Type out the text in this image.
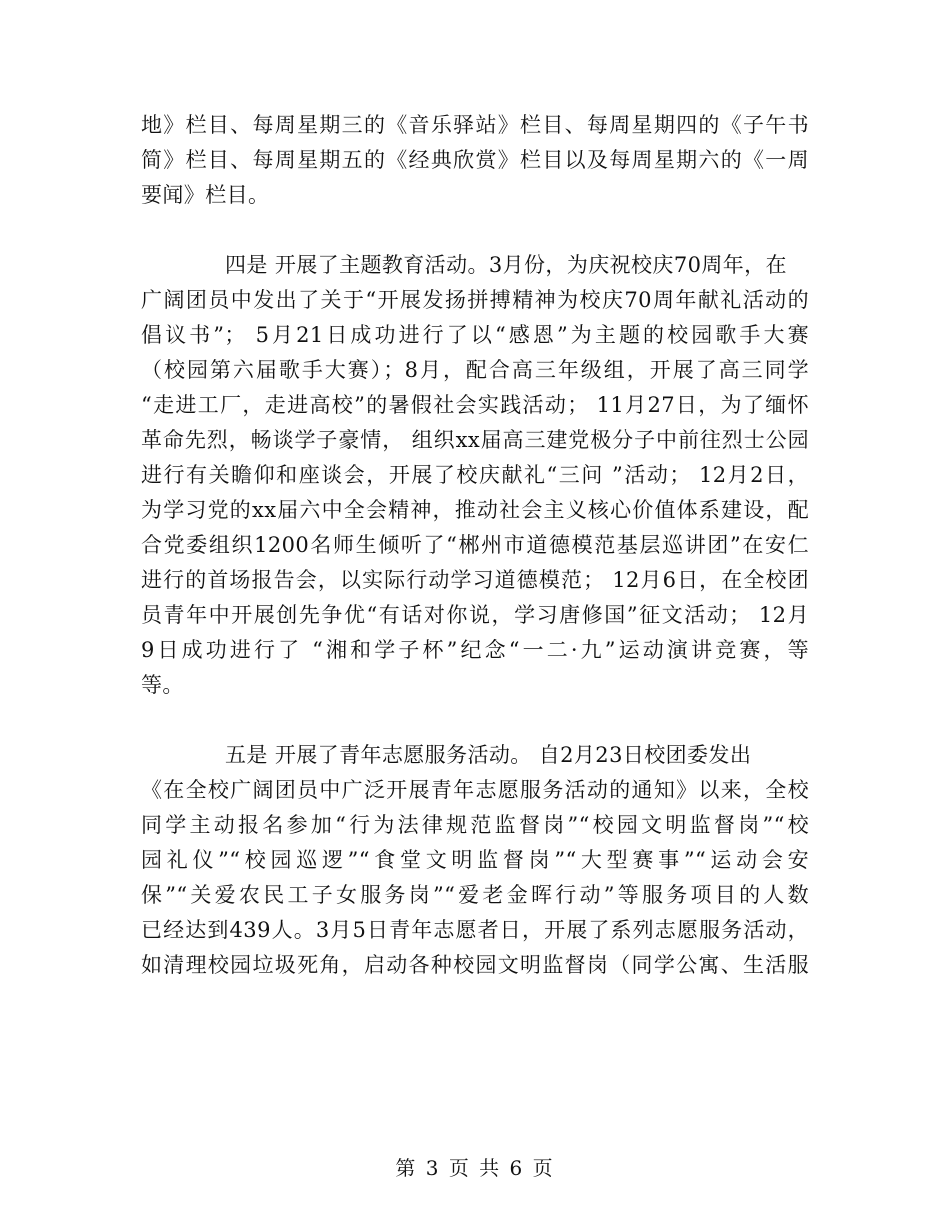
地》栏目、每周星期三的《音乐驿站》栏目、每周星期四的《子午书
简》栏目、每周星期五的《经典欣赏》栏目以及每周星期六的《一周
要闻》栏目。

四是 开展了主题教育活动。3月份，为庆祝校庆70周年，在
广阔团员中发出了关于“开展发扬拼搏精神为校庆70周年献礼活动的
倡议书”； 5月21日成功进行了以“感恩”为主题的校园歌手大赛
（校园第六届歌手大赛）；8月，配合高三年级组，开展了高三同学
“走进工厂，走进高校”的暑假社会实践活动； 11月27日，为了缅怀
革命先烈，畅谈学子豪情， 组织xx届高三建党极分子中前往烈士公园
进行有关瞻仰和座谈会，开展了校庆献礼“三问 ”活动； 12月2日，
为学习党的xx届六中全会精神，推动社会主义核心价值体系建设，配
合党委组织1200名师生倾听了“郴州市道德模范基层巡讲团”在安仁
进行的首场报告会，以实际行动学习道德模范； 12月6日，在全校团
员青年中开展创先争优“有话对你说，学习唐修国”征文活动； 12月
9日成功进行了 “湘和学子杯”纪念“一二·九”运动演讲竞赛，等
等。

五是 开展了青年志愿服务活动。 自2月23日校团委发出
《在全校广阔团员中广泛开展青年志愿服务活动的通知》以来，全校
同学主动报名参加“行为法律规范监督岗”“校园文明监督岗”“校
园礼仪”“校园巡逻”“食堂文明监督岗”“大型赛事”“运动会安
保”“关爱农民工子女服务岗”“爱老金晖行动”等服务项目的人数
已经达到439人。3月5日青年志愿者日，开展了系列志愿服务活动，
如清理校园垃圾死角，启动各种校园文明监督岗（同学公寓、生活服

第 3 页 共 6 页
